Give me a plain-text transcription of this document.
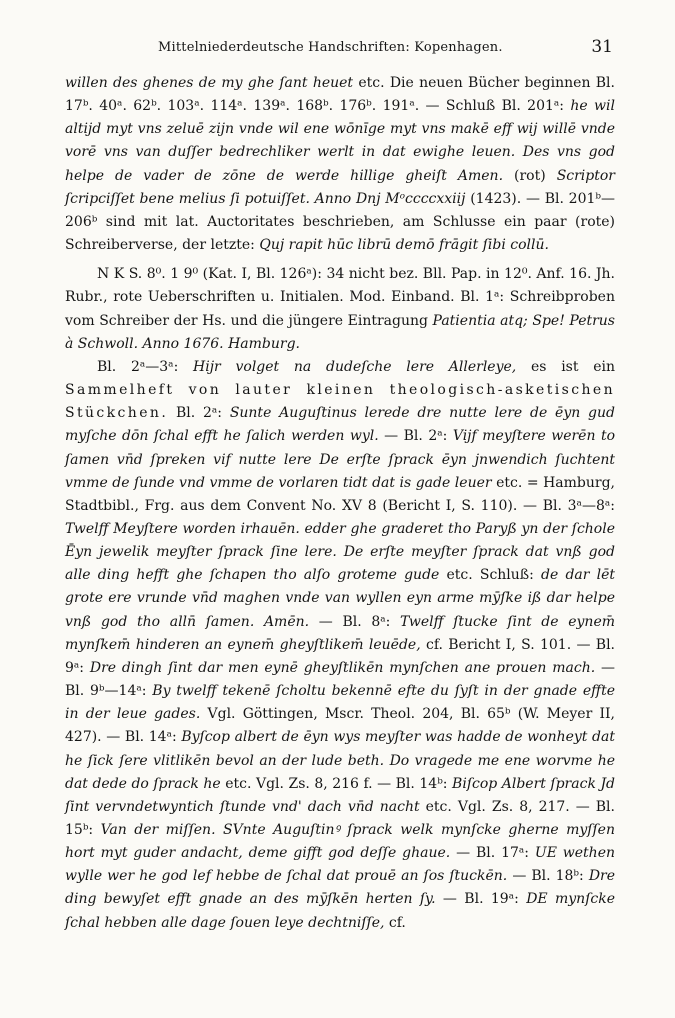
Mittelniederdeutsche Handschriften: Kopenhagen.	31

willen des ghenes de my ghe ſant heuet etc. Die neuen Bücher beginnen Bl. 17ᵇ. 40ᵃ. 62ᵇ. 103ᵃ. 114ᵃ. 139ᵃ. 168ᵇ. 176ᵇ. 191ᵃ. — Schluß Bl. 201ᵃ: he wil altijd myt vns zeluē zijn vnde wil ene wōnīge myt vns makē eff wij willē vnde vorē vns van duſſer bedrechliker werlt in dat ewighe leuen. Des vns god helpe de vader de zōne de werde hillige gheiſt Amen. (rot) Scriptor ſcripciſſet bene melius ſi potuiſſet. Anno Dnj Mᵒccccxxiij (1423). — Bl. 201ᵇ—206ᵇ sind mit lat. Auctoritates beschrieben, am Schlusse ein paar (rote) Schreiberverse, der letzte: Quj rapit hūc librū demō frāgit ſibi collū.

N K S. 8⁰. 1 9⁰ (Kat. I, Bl. 126ᵃ): 34 nicht bez. Bll. Pap. in 12⁰. Anf. 16. Jh. Rubr., rote Ueberschriften u. Initialen. Mod. Einband. Bl. 1ᵃ: Schreibproben vom Schreiber der Hs. und die jüngere Eintragung Patientia atq; Spe! Petrus à Schwoll. Anno 1676. Hamburg.

Bl. 2ᵃ—3ᵃ: Hijr volget na dudeſche lere Allerleye, es ist ein Sammelheft von lauter kleinen theologisch-asketischen Stückchen. Bl. 2ᵃ: Sunte Auguſtinus lerede dre nutte lere de ēyn gud myſche dōn ſchal efft he ſalich werden wyl. — Bl. 2ᵃ: Vijf meyſtere werēn to ſamen vn̄d ſpreken vif nutte lere De erſte ſprack ēyn jnwendich ſuchtent vmme de ſunde vnd vmme de vorlaren tidt dat is gade leuer etc. = Hamburg, Stadtbibl., Frg. aus dem Convent No. XV 8 (Bericht I, S. 110). — Bl. 3ᵃ—8ᵃ: Twelff Meyſtere worden irhauēn. edder ghe graderet tho Paryß yn der ſchole Ēyn jewelik meyſter ſprack ſine lere. De erſte meyſter ſprack dat vnß god alle ding hefft ghe ſchapen tho alſo groteme gude etc. Schluß: de dar lēt grote ere vrunde vn̄d maghen vnde van wyllen eyn arme mȳſke iß dar helpe vnß god tho alln̄ ſamen. Amēn. — Bl. 8ᵃ: Twelff ſtucke ſint de eynem̄ mynſkem̄ hinderen an eynem̄ gheyſtlikem̄ leuēde, cf. Bericht I, S. 101. — Bl. 9ᵃ: Dre dingh ſint dar men eynē gheyſtlikēn mynſchen ane prouen mach. — Bl. 9ᵇ—14ᵃ: By twelff tekenē ſcholtu bekennē efte du ſyſt in der gnade effte in der leue gades. Vgl. Göttingen, Mscr. Theol. 204, Bl. 65ᵇ (W. Meyer II, 427). — Bl. 14ᵃ: Byſcop albert de ēyn wys meyſter was hadde de wonheyt dat he ſick ſere vlitlikēn bevol an der lude beth. Do vragede me ene worvme he dat dede do ſprack he etc. Vgl. Zs. 8, 216 f. — Bl. 14ᵇ: Biſcop Albert ſprack Jd ſint vervndetwyntich ſtunde vnd' dach vn̄d nacht etc. Vgl. Zs. 8, 217. — Bl. 15ᵇ: Van der miſſen. SVnte Auguſtinꝰ ſprack welk mynſcke gherne myſſen hort myt guder andacht, deme gifft god deſſe ghaue. — Bl. 17ᵃ: UE wethen wylle wer he god lef hebbe de ſchal dat prouē an ſos ſtuckēn. — Bl. 18ᵇ: Dre ding bewyſet efft gnade an des mȳſkēn herten ſy. — Bl. 19ᵃ: DE mynſcke ſchal hebben alle dage ſouen leye dechtniſſe, cf.
